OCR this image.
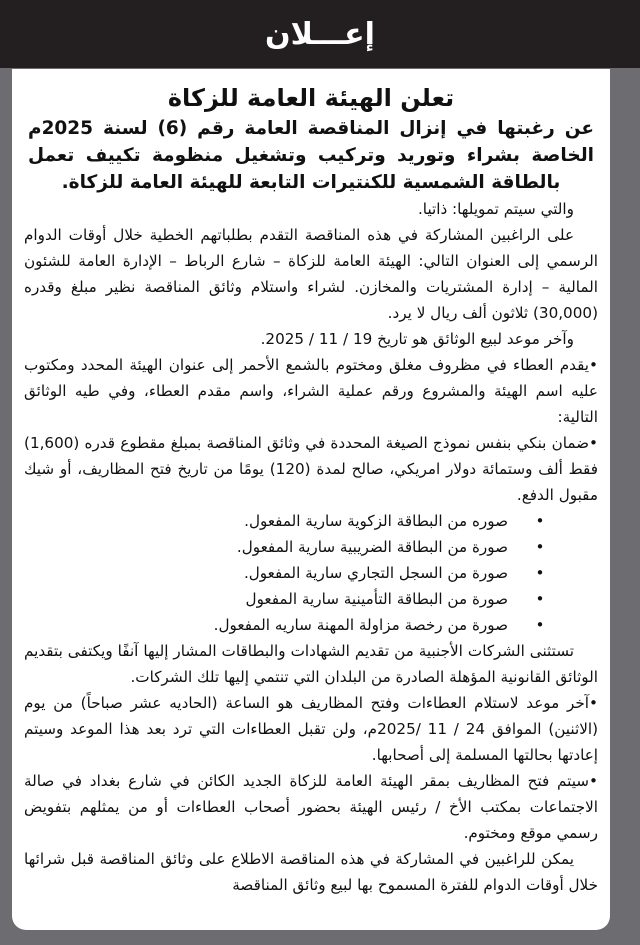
إعـــلان
تعلن الهيئة العامة للزكاة
عن رغبتها في إنزال المناقصة العامة رقم (6) لسنة 2025م الخاصة بشراء وتوريد وتركيب وتشغيل منظومة تكييف تعمل بالطاقة الشمسية للكنتيرات التابعة للهيئة العامة للزكاة.

والتي سيتم تمويلها: ذاتيا.

على الراغبين المشاركة في هذه المناقصة التقدم بطلباتهم الخطية خلال أوقات الدوام الرسمي إلى العنوان التالي: الهيئة العامة للزكاة – شارع الرباط – الإدارة العامة للشئون المالية – إدارة المشتريات والمخازن. لشراء واستلام وثائق المناقصة نظير مبلغ وقدره (30,000) ثلاثون ألف ريال لا يرد.

وآخر موعد لبيع الوثائق هو تاريخ 19 / 11 / 2025.

•يقدم العطاء في مظروف مغلق ومختوم بالشمع الأحمر إلى عنوان الهيئة المحدد ومكتوب عليه اسم الهيئة والمشروع ورقم عملية الشراء، واسم مقدم العطاء، وفي طيه الوثائق التالية:

•ضمان بنكي بنفس نموذج الصيغة المحددة في وثائق المناقصة بمبلغ مقطوع قدره (1,600) فقط ألف وستمائة دولار امريكي، صالح لمدة (120) يومًا من تاريخ فتح المظاريف، أو شيك مقبول الدفع.

•
صوره من البطاقة الزكوية سارية المفعول.
•
صورة من البطاقة الضريبية سارية المفعول.
•
صورة من السجل التجاري سارية المفعول.
•
صورة من البطاقة التأمينية سارية المفعول
•
صورة من رخصة مزاولة المهنة ساريه المفعول.

تستثنى الشركات الأجنبية من تقديم الشهادات والبطاقات المشار إليها آنفًا ويكتفى بتقديم الوثائق القانونية المؤهلة الصادرة من البلدان التي تنتمي إليها تلك الشركات.

•آخر موعد لاستلام العطاءات وفتح المظاريف هو الساعة (الحاديه عشر صباحاً) من يوم (الاثنين) الموافق 24 / 11 /2025م، ولن تقبل العطاءات التي ترد بعد هذا الموعد وسيتم إعادتها بحالتها المسلمة إلى أصحابها.

•سيتم فتح المظاريف بمقر الهيئة العامة للزكاة الجديد الكائن في شارع بغداد في صالة الاجتماعات بمكتب الأخ / رئيس الهيئة بحضور أصحاب العطاءات أو من يمثلهم بتفويض رسمي موقع ومختوم.

يمكن للراغبين في المشاركة في هذه المناقصة الاطلاع على وثائق المناقصة قبل شرائها خلال أوقات الدوام للفترة المسموح بها لبيع وثائق المناقصة
